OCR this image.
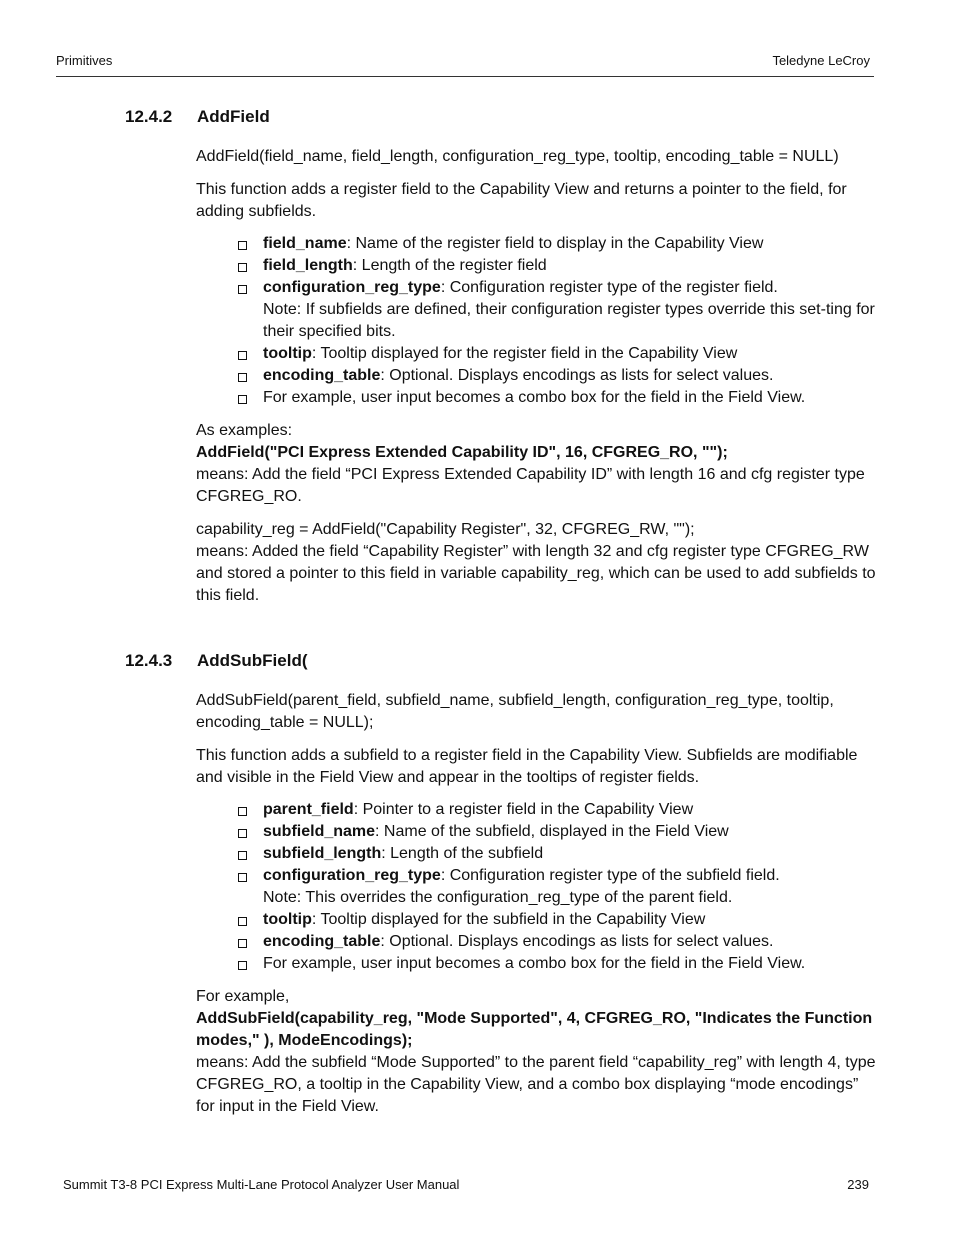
Primitives	Teledyne LeCroy
12.4.2 AddField

AddField(field_name, field_length, configuration_reg_type, tooltip, encoding_table = NULL)

This function adds a register field to the Capability View and returns a pointer to the field, for adding subfields.

field_name: Name of the register field to display in the Capability View
field_length: Length of the register field
configuration_reg_type: Configuration register type of the register field.
Note: If subfields are defined, their configuration register types override this set-ting for their specified bits.
tooltip: Tooltip displayed for the register field in the Capability View
encoding_table: Optional. Displays encodings as lists for select values.
For example, user input becomes a combo box for the field in the Field View.

As examples:

AddField("PCI Express Extended Capability ID", 16, CFGREG_RO, "");

means: Add the field “PCI Express Extended Capability ID” with length 16 and cfg register type CFGREG_RO.

capability_reg = AddField("Capability Register", 32, CFGREG_RW, "");

means: Added the field “Capability Register” with length 32 and cfg register type CFGREG_RW and stored a pointer to this field in variable capability_reg, which can be used to add subfields to this field.

12.4.3 AddSubField(

AddSubField(parent_field, subfield_name, subfield_length, configuration_reg_type, tooltip, encoding_table = NULL);

This function adds a subfield to a register field in the Capability View. Subfields are modifiable and visible in the Field View and appear in the tooltips of register fields.

parent_field: Pointer to a register field in the Capability View
subfield_name: Name of the subfield, displayed in the Field View
subfield_length: Length of the subfield
configuration_reg_type: Configuration register type of the subfield field.
Note: This overrides the configuration_reg_type of the parent field.
tooltip: Tooltip displayed for the subfield in the Capability View
encoding_table: Optional. Displays encodings as lists for select values.
For example, user input becomes a combo box for the field in the Field View.

For example,

AddSubField(capability_reg, "Mode Supported", 4, CFGREG_RO, "Indicates the Function modes," ), ModeEncodings);

means: Add the subfield “Mode Supported” to the parent field “capability_reg” with length 4, type CFGREG_RO, a tooltip in the Capability View, and a combo box displaying “mode encodings” for input in the Field View.

Summit T3-8 PCI Express Multi-Lane Protocol Analyzer User Manual	239
